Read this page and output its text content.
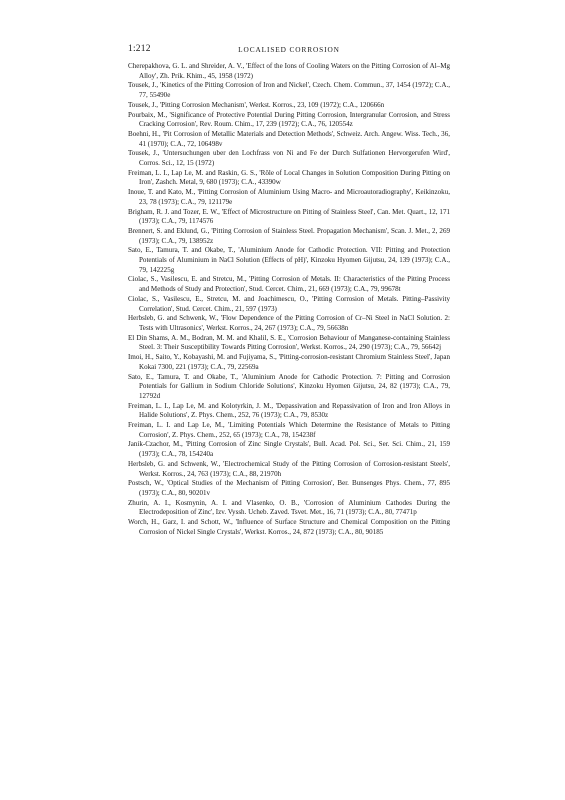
1:212	LOCALISED CORROSION

Cherepakhova, G. L. and Shreider, A. V., 'Effect of the Ions of Cooling Waters on the Pitting Corrosion of Al–Mg Alloy', Zh. Prik. Khim., 45, 1958 (1972)

Tousek, J., 'Kinetics of the Pitting Corrosion of Iron and Nickel', Czech. Chem. Commun., 37, 1454 (1972); C.A., 77, 55490e

Tousek, J., 'Pitting Corrosion Mechanism', Werkst. Korros., 23, 109 (1972); C.A., 120666n

Pourbaix, M., 'Significance of Protective Potential During Pitting Corrosion, Intergranular Corrosion, and Stress Cracking Corrosion', Rev. Roum. Chim., 17, 239 (1972); C.A., 76, 120554z

Boehni, H., 'Pit Corrosion of Metallic Materials and Detection Methods', Schweiz. Arch. Angew. Wiss. Tech., 36, 41 (1970); C.A., 72, 106498v

Tousek, J., 'Untersuchungen uber den Lochfrass von Ni and Fe der Durch Sulfationen Hervorgerufen Wird', Corros. Sci., 12, 15 (1972)

Freiman, L. I., Lap Le, M. and Raskin, G. S., 'Rôle of Local Changes in Solution Composition During Pitting on Iron', Zashch. Metal, 9, 680 (1973); C.A., 43390w

Inoue, T. and Kato, M., 'Pitting Corrosion of Aluminium Using Macro- and Microautoradiography', Keikinzoku, 23, 78 (1973); C.A., 79, 121179e

Brigham, R. J. and Tozer, E. W., 'Effect of Microstructure on Pitting of Stainless Steel', Can. Met. Quart., 12, 171 (1973); C.A., 79, 1174576

Brennert, S. and Eklund, G., 'Pitting Corrosion of Stainless Steel. Propagation Mechanism', Scan. J. Met., 2, 269 (1973); C.A., 79, 138952z

Sato, E., Tamura, T. and Okabe, T., 'Aluminium Anode for Cathodic Protection. VII: Pitting and Protection Potentials of Aluminium in NaCl Solution (Effects of pH)', Kinzoku Hyomen Gijutsu, 24, 139 (1973); C.A., 79, 142225g

Ciolac, S., Vasilescu, E. and Stretcu, M., 'Pitting Corrosion of Metals. II: Characteristics of the Pitting Process and Methods of Study and Protection', Stud. Cercet. Chim., 21, 669 (1973); C.A., 79, 99678t

Ciolac, S., Vasilescu, E., Stretcu, M. and Joachimescu, O., 'Pitting Corrosion of Metals. Pitting–Passivity Correlation', Stud. Cercet. Chim., 21, 597 (1973)

Herbsleb, G. and Schwenk, W., 'Flow Dependence of the Pitting Corrosion of Cr–Ni Steel in NaCl Solution. 2: Tests with Ultrasonics', Werkst. Korros., 24, 267 (1973); C.A., 79, 56638n

El Din Shams, A. M., Bodran, M. M. and Khalil, S. E., 'Corrosion Behaviour of Manganese-containing Stainless Steel. 3: Their Susceptibility Towards Pitting Corrosion', Werkst. Korros., 24, 290 (1973); C.A., 79, 56642j

Imoi, H., Saito, Y., Kobayashi, M. and Fujiyama, S., 'Pitting-corrosion-resistant Chromium Stainless Steel', Japan Kokai 7300, 221 (1973); C.A., 79, 22569a

Sato, E., Tamura, T. and Okabe, T., 'Aluminium Anode for Cathodic Protection. 7: Pitting and Corrosion Potentials for Gallium in Sodium Chloride Solutions', Kinzoku Hyomen Gijutsu, 24, 82 (1973); C.A., 79, 12792d

Freiman, L. I., Lap Le, M. and Kolotyrkin, J. M., 'Depassivation and Repassivation of Iron and Iron Alloys in Halide Solutions', Z. Phys. Chem., 252, 76 (1973); C.A., 79, 8530z

Freiman, L. I. and Lap Le, M., 'Limiting Potentials Which Determine the Resistance of Metals to Pitting Corrosion', Z. Phys. Chem., 252, 65 (1973); C.A., 78, 154238f

Janik-Czachor, M., 'Pitting Corrosion of Zinc Single Crystals', Bull. Acad. Pol. Sci., Ser. Sci. Chim., 21, 159 (1973); C.A., 78, 154240a

Herbsleb, G. and Schwenk, W., 'Electrochemical Study of the Pitting Corrosion of Corrosion-resistant Steels', Werkst. Korros., 24, 763 (1973); C.A., 88, 21970h

Postsch, W., 'Optical Studies of the Mechanism of Pitting Corrosion', Ber. Bunsenges Phys. Chem., 77, 895 (1973); C.A., 80, 90201v

Zhurin, A. I., Kosmynin, A. I. and Vlasenko, O. B., 'Corrosion of Aluminium Cathodes During the Electrodeposition of Zinc', Izv. Vyssh. Ucheb. Zaved. Tsvet. Met., 16, 71 (1973); C.A., 80, 77471p

Worch, H., Garz, I. and Schott, W., 'Influence of Surface Structure and Chemical Composition on the Pitting Corrosion of Nickel Single Crystals', Werkst. Korros., 24, 872 (1973); C.A., 80, 90185
